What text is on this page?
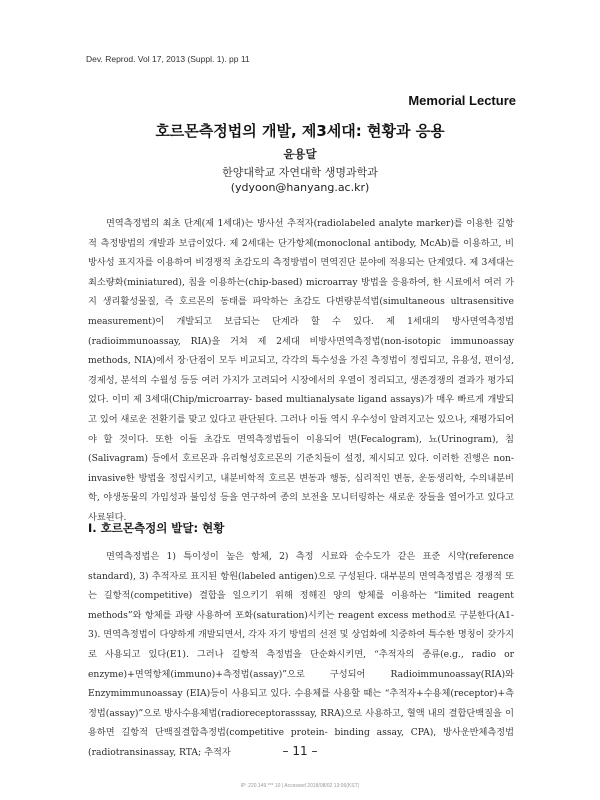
Dev. Reprod. Vol 17, 2013 (Suppl. 1). pp 11
Memorial Lecture
호르몬측정법의 개발, 제3세대: 현황과 응용
윤용달
한양대학교 자연대학 생명과학과
(ydyoon@hanyang.ac.kr)

면역측정법의 최초 단계(제 1세대)는 방사선 추적자(radiolabeled analyte marker)를 이용한 길항적 측정방법의 개발과 보급이었다. 제 2세대는 단가항체(monoclonal antibody, McAb)를 이용하고, 비방사성 표지자를 이용하여 비경쟁적 초감도의 측정방법이 면역진단 분야에 적용되는 단계였다. 제 3세대는 최소량화(miniatured), 칩을 이용하는(chip-based) microarray 방법을 응용하여, 한 시료에서 여러 가지 생리활성물질, 즉 호르몬의 동태를 파악하는 초감도 다변량분석법(simultaneous ultrasensitive measurement)이 개발되고 보급되는 단계라 할 수 있다. 제 1세대의 방사면역측정법(radioimmunoassay, RIA)을 거쳐 제 2세대 비방사면역측정법(non-isotopic immunoassay methods, NIA)에서 장·단점이 모두 비교되고, 각각의 특수성을 가진 측정법이 정립되고, 유용성, 편이성, 경제성, 분석의 수월성 등등 여러 가지가 고려되어 시장에서의 우열이 정리되고, 생존경쟁의 결과가 평가되었다. 이미 제 3세대(Chip/microarray- based multianalysate ligand assays)가 매우 빠르게 개발되고 있어 새로운 전환기를 맞고 있다고 판단된다. 그러나 이들 역시 우수성이 알려지고는 있으나, 재평가되어야 할 것이다. 또한 이들 초감도 면역측정법들이 이용되어 변(Fecalogram), 뇨(Urinogram), 침(Salivagram) 등에서 호르몬과 유리형성호르몬의 기준치들이 설정, 제시되고 있다. 이러한 진행은 non-invasive한 방법을 정립시키고, 내분비학적 호르몬 변동과 행동, 심리적인 변동, 운동생리학, 수의내분비학, 야생동물의 가임성과 불임성 등을 연구하여 종의 보전을 모니터링하는 새로운 장들을 열어가고 있다고 사료된다.

Ⅰ. 호르몬측정의 발달: 현황

면역측정법은 1) 특이성이 높은 항체, 2) 측정 시료와 순수도가 같은 표준 시약(reference standard), 3) 추적자로 표지된 항원(labeled antigen)으로 구성된다. 대부분의 면역측정법은 경쟁적 또는 길항적(competitive) 결합을 일으키기 위해 정해진 양의 항체를 이용하는 “limited reagent methods”와 항체를 과량 사용하여 포화(saturation)시키는 reagent excess method로 구분한다(A1-3). 면역측정법이 다양하게 개발되면서, 각자 자기 방법의 선전 및 상업화에 치중하여 특수한 명칭이 갖가지로 사용되고 있다(E1). 그러나 길항적 측정법을 단순화시키면, “추적자의 종류(e.g., radio or enzyme)+면역항체(immuno)+측정법(assay)”으로 구성되어 Radioimmunoassay(RIA)와 Enzymimmunoassay (EIA)등이 사용되고 있다. 수용체를 사용할 때는 “추적자+수용체(receptor)+측정법(assay)”으로 방사수용체법(radioreceptorasssay, RRA)으로 사용하고, 혈액 내의 결합단백질을 이용하면 길항적 단백질결합측정법(competitive protein- binding assay, CPA), 방사운반체측정법(radiotransinassay, RTA; 추적자	– 11 –
IP: 220.149.*** 10 | Accessed 2018/08/02 13:06(KST)
